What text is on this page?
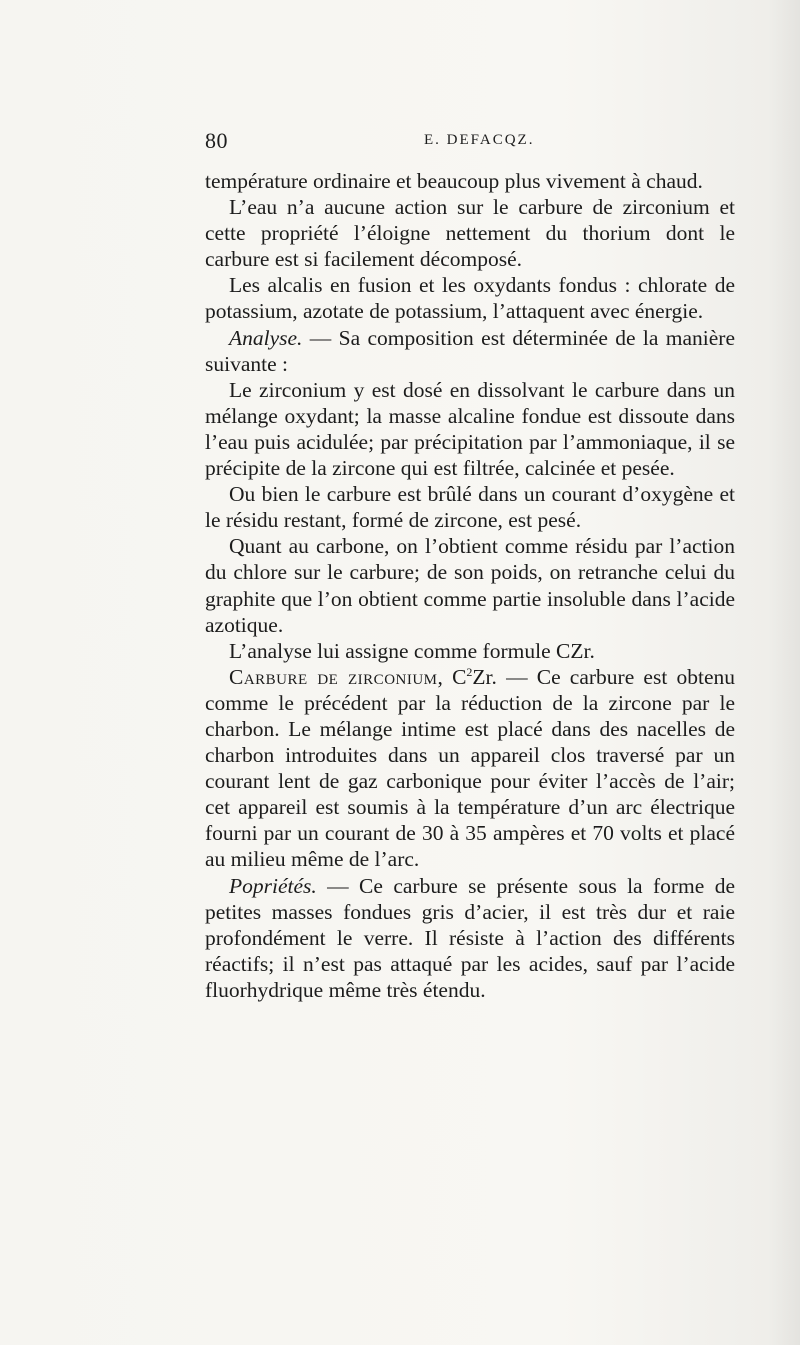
80	E. DEFACQZ.

température ordinaire et beaucoup plus vivement à chaud.

L’eau n’a aucune action sur le carbure de zirconium et cette propriété l’éloigne nettement du thorium dont le carbure est si facilement décomposé.

Les alcalis en fusion et les oxydants fondus : chlorate de potassium, azotate de potassium, l’attaquent avec énergie.

Analyse. — Sa composition est déterminée de la manière suivante :

Le zirconium y est dosé en dissolvant le carbure dans un mélange oxydant; la masse alcaline fondue est dissoute dans l’eau puis acidulée; par précipitation par l’ammoniaque, il se précipite de la zircone qui est filtrée, calcinée et pesée.

Ou bien le carbure est brûlé dans un courant d’oxygène et le résidu restant, formé de zircone, est pesé.

Quant au carbone, on l’obtient comme résidu par l’action du chlore sur le carbure; de son poids, on retranche celui du graphite que l’on obtient comme partie insoluble dans l’acide azotique.

L’analyse lui assigne comme formule CZr.

Carbure de zirconium, $C^2Zr$. — Ce carbure est obtenu comme le précédent par la réduction de la zircone par le charbon. Le mélange intime est placé dans des nacelles de charbon introduites dans un appareil clos traversé par un courant lent de gaz carbonique pour éviter l’accès de l’air; cet appareil est soumis à la température d’un arc électrique fourni par un courant de 30 à 35 ampères et 70 volts et placé au milieu même de l’arc.

Popriétés. — Ce carbure se présente sous la forme de petites masses fondues gris d’acier, il est très dur et raie profondément le verre. Il résiste à l’action des différents réactifs; il n’est pas attaqué par les acides, sauf par l’acide fluorhydrique même très étendu.
